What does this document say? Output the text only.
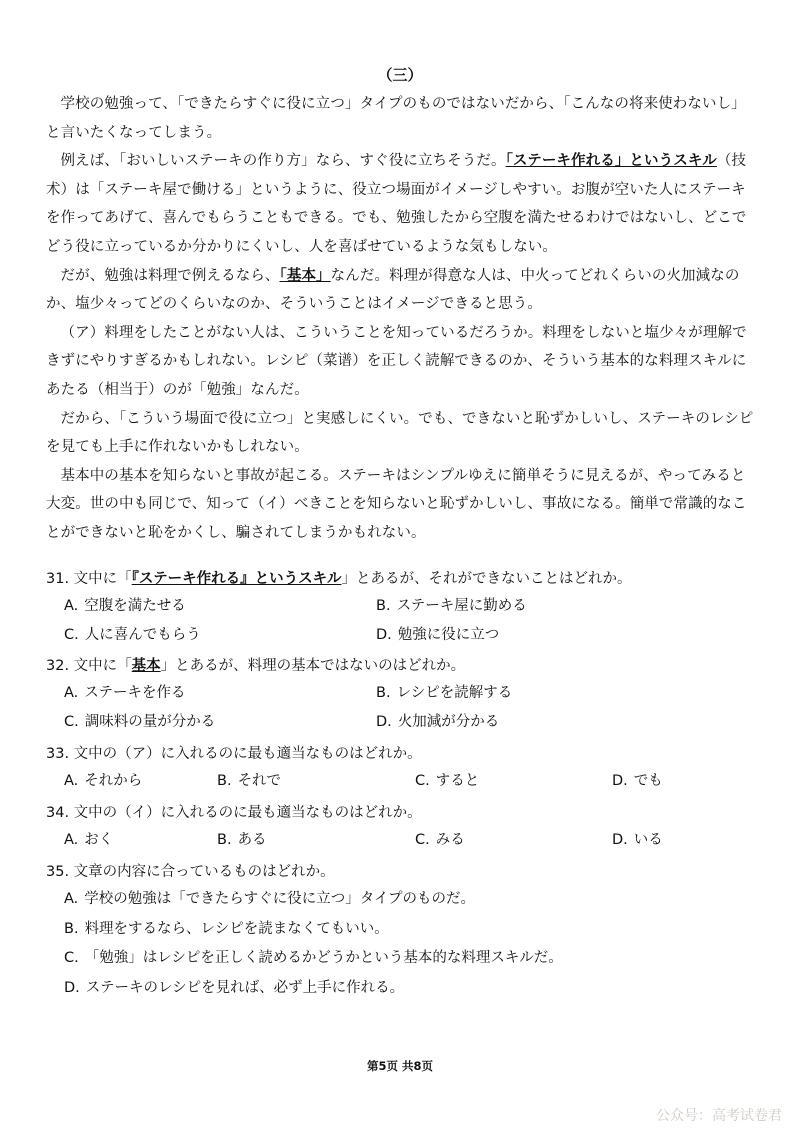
（三）

学校の勉強って、「できたらすぐに役に立つ」タイプのものではないだから、「こんなの将来使わないし」と言いたくなってしまう。

例えば、「おいしいステーキの作り方」なら、すぐ役に立ちそうだ。「ステーキ作れる」というスキル（技术）は「ステーキ屋で働ける」というように、役立つ場面がイメージしやすい。お腹が空いた人にステーキを作ってあげて、喜んでもらうこともできる。でも、勉強したから空腹を満たせるわけではないし、どこでどう役に立っているか分かりにくいし、人を喜ばせているような気もしない。

だが、勉強は料理で例えるなら、「基本」なんだ。料理が得意な人は、中火ってどれくらいの火加減なのか、塩少々ってどのくらいなのか、そういうことはイメージできると思う。

（ア）料理をしたことがない人は、こういうことを知っているだろうか。料理をしないと塩少々が理解できずにやりすぎるかもしれない。レシピ（菜谱）を正しく読解できるのか、そういう基本的な料理スキルにあたる（相当于）のが「勉強」なんだ。

だから、「こういう場面で役に立つ」と実感しにくい。でも、できないと恥ずかしいし、ステーキのレシピを見ても上手に作れないかもしれない。

基本中の基本を知らないと事故が起こる。ステーキはシンプルゆえに簡単そうに見えるが、やってみると大変。世の中も同じで、知って（イ）べきことを知らないと恥ずかしいし、事故になる。簡単で常識的なことができないと恥をかくし、騙されてしまうかもれない。

31. 文中に「『ステーキ作れる』というスキル」とあるが、それができないことはどれか。
A. 空腹を満たせる	B. ステーキ屋に勤める
C. 人に喜んでもらう	D. 勉強に役に立つ
32. 文中に「基本」とあるが、料理の基本ではないのはどれか。
A. ステーキを作る	B. レシピを読解する
C. 調味料の量が分かる	D. 火加減が分かる
33. 文中の（ア）に入れるのに最も適当なものはどれか。
A. それから	B. それで	C. すると	D. でも
34. 文中の（イ）に入れるのに最も適当なものはどれか。
A. おく	B. ある	C. みる	D. いる
35. 文章の内容に合っているものはどれか。
A. 学校の勉強は「できたらすぐに役に立つ」タイプのものだ。
B. 料理をするなら、レシピを読まなくてもいい。
C. 「勉強」はレシピを正しく読めるかどうかという基本的な料理スキルだ。
D. ステーキのレシピを見れば、必ず上手に作れる。
第5页 共8页
公众号：高考试卷君
